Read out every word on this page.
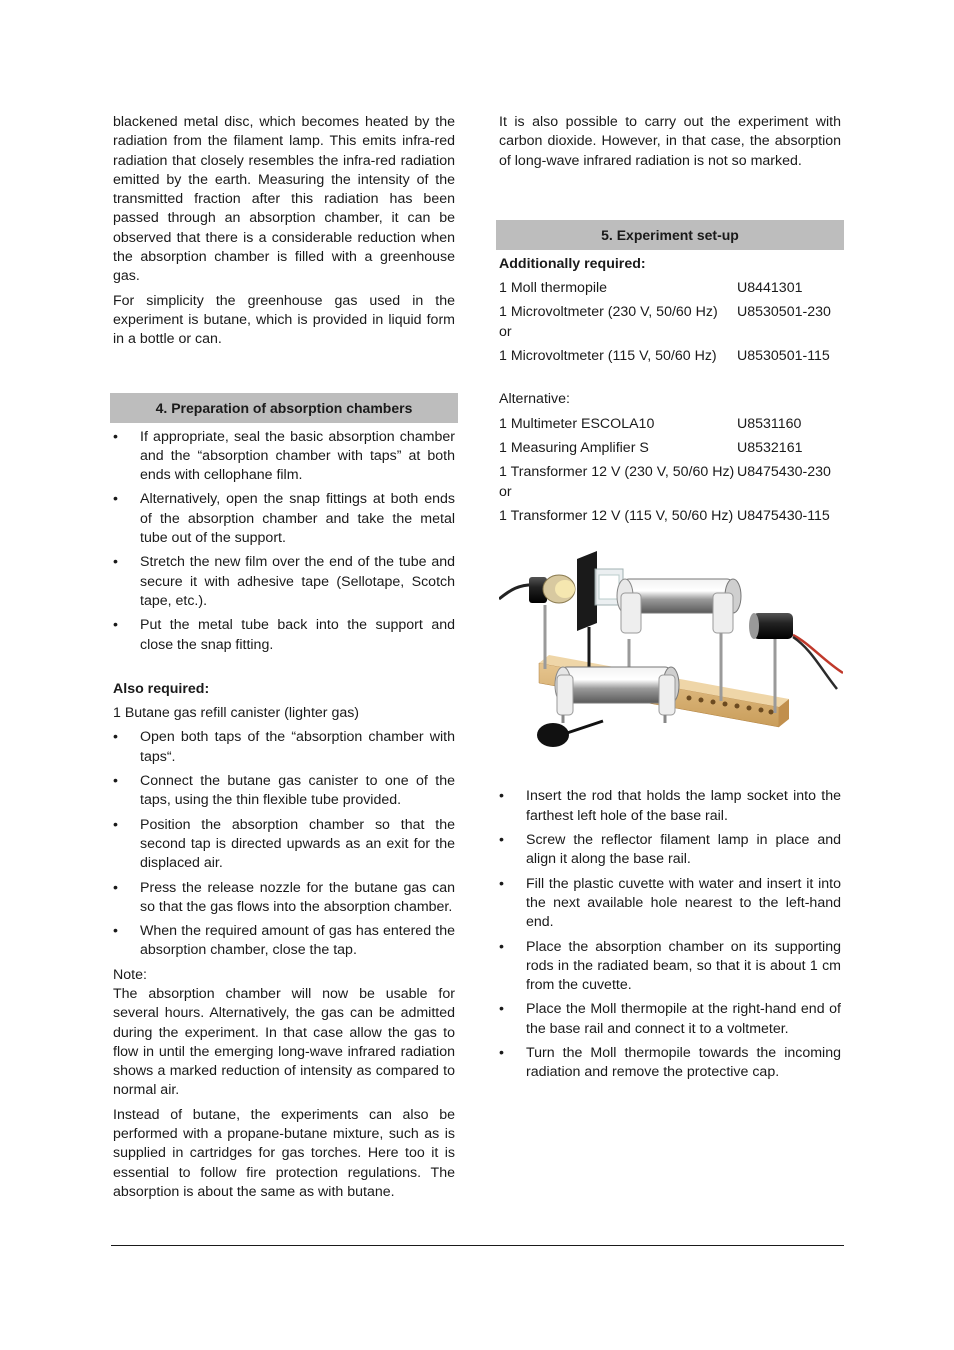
blackened metal disc, which becomes heated by the radiation from the filament lamp. This emits infra-red radiation that closely resembles the infra-red radiation emitted by the earth. Measuring the intensity of the transmitted fraction after this radiation has been passed through an absorption chamber, it can be observed that there is a considerable reduction when the absorption chamber is filled with a greenhouse gas.

For simplicity the greenhouse gas used in the experiment is butane, which is provided in liquid form in a bottle or can.

4. Preparation of absorption chambers
• If appropriate, seal the basic absorption chamber and the “absorption chamber with taps” at both ends with cellophane film.
• Alternatively, open the snap fittings at both ends of the absorption chamber and take the metal tube out of the support.
• Stretch the new film over the end of the tube and secure it with adhesive tape (Sellotape, Scotch tape, etc.).
• Put the metal tube back into the support and close the snap fitting.
Also required:
1 Butane gas refill canister (lighter gas)
• Open both taps of the “absorption chamber with taps“.
• Connect the butane gas canister to one of the taps, using the thin flexible tube provided.
• Position the absorption chamber so that the second tap is directed upwards as an exit for the displaced air.
• Press the release nozzle for the butane gas can so that the gas flows into the absorption chamber.
• When the required amount of gas has entered the absorption chamber, close the tap.
Note:

The absorption chamber will now be usable for several hours. Alternatively, the gas can be admitted during the experiment. In that case allow the gas to flow in until the emerging long-wave infrared radiation shows a marked reduction of intensity as compared to normal air.

Instead of butane, the experiments can also be performed with a propane-butane mixture, such as is supplied in cartridges for gas torches. Here too it is essential to follow fire protection regulations. The absorption is about the same as with butane.

It is also possible to carry out the experiment with carbon dioxide. However, in that case, the absorption of long-wave infrared radiation is not so marked.

5. Experiment set-up
Additionally required:
1 Moll thermopile	U8441301
1 Microvoltmeter (230 V, 50/60 Hz)	U8530501-230
or	
1 Microvoltmeter (115 V, 50/60 Hz)	U8530501-115
Alternative:
1 Multimeter ESCOLA10	U8531160
1 Measuring Amplifier S	U8532161
1 Transformer 12 V (230 V, 50/60 Hz)	U8475430-230
or	
1 Transformer 12 V (115 V, 50/60 Hz)	U8475430-115
• Insert the rod that holds the lamp socket into the farthest left hole of the base rail.
• Screw the reflector filament lamp in place and align it along the base rail.
• Fill the plastic cuvette with water and insert it into the next available hole nearest to the left-hand end.
• Place the absorption chamber on its supporting rods in the radiated beam, so that it is about 1 cm from the cuvette.
• Place the Moll thermopile at the right-hand end of the base rail and connect it to a voltmeter.
• Turn the Moll thermopile towards the incoming radiation and remove the protective cap.
